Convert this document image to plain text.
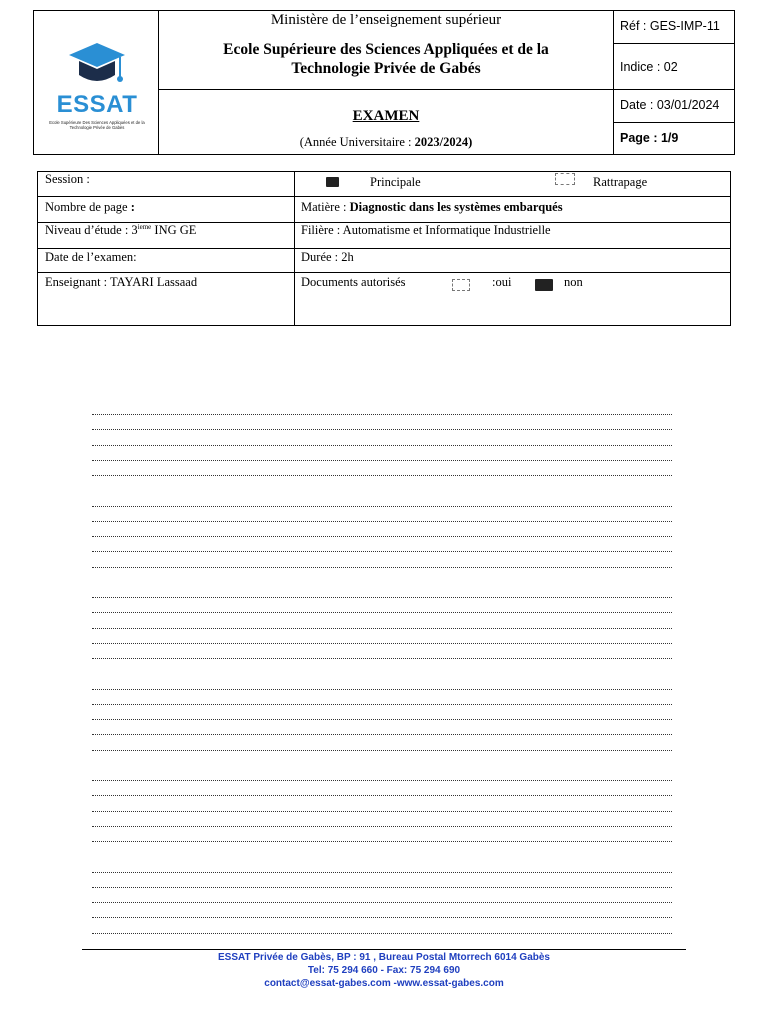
ESSAT
Ecole Supérieure Des Sciences Appliquées et de la Technologie Privée de Gabès
Ministère de l’enseignement supérieur
Ecole Supérieure des Sciences Appliquées et de la
Technologie Privée de Gabés
EXAMEN
(Année Universitaire : 2023/2024)
Réf : GES-IMP-11
Indice : 02
Date : 03/01/2024
Page : 1/9
Session :	Principale	Rattrapage
Nombre de page :	Matière : Diagnostic dans les systèmes embarqués
Niveau d’étude : 3ieme ING GE	Filière : Automatisme et Informatique Industrielle
Date de l’examen:	Durée : 2h
Enseignant : TAYARI Lassaad	Documents autorisés	:oui	non
ESSAT Privée de Gabès, BP : 91 , Bureau Postal Mtorrech 6014 Gabès
Tel: 75 294 660 - Fax: 75 294 690
contact@essat-gabes.com -www.essat-gabes.com
